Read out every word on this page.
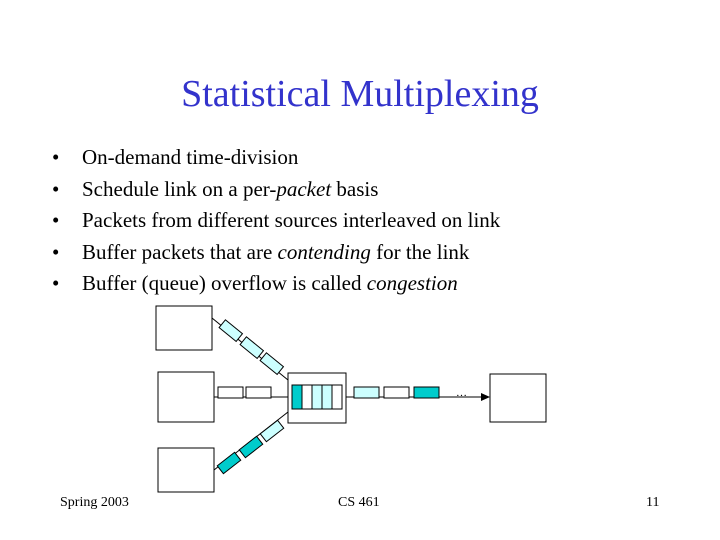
Statistical Multiplexing
• On-demand time-division
• Schedule link on a per-packet basis
• Packets from different sources interleaved on link
• Buffer packets that are contending for the link
• Buffer (queue) overflow is called congestion
…
Spring 2003	CS 461	11
